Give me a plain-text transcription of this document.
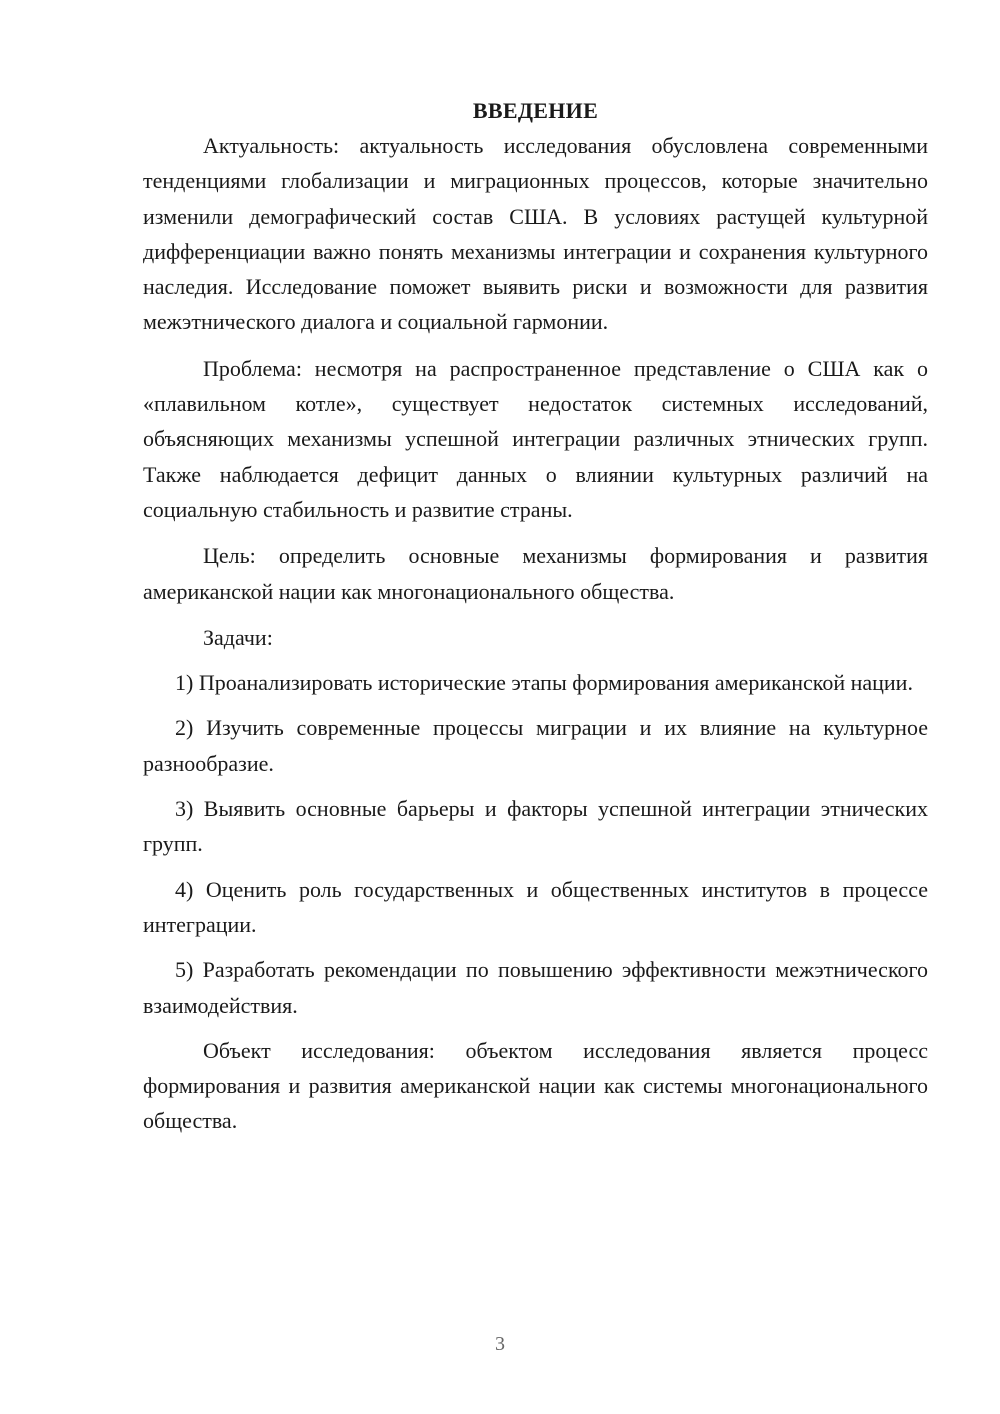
ВВЕДЕНИЕ

Актуальность: актуальность исследования обусловлена современными тенденциями глобализации и миграционных процессов, которые значительно изменили демографический состав США. В условиях растущей культурной дифференциации важно понять механизмы интеграции и сохранения культурного наследия. Исследование поможет выявить риски и возможности для развития межэтнического диалога и социальной гармонии.

Проблема: несмотря на распространенное представление о США как о «плавильном котле», существует недостаток системных исследований, объясняющих механизмы успешной интеграции различных этнических групп. Также наблюдается дефицит данных о влиянии культурных различий на социальную стабильность и развитие страны.

Цель: определить основные механизмы формирования и развития американской нации как многонационального общества.

Задачи:

1) Проанализировать исторические этапы формирования американской нации.

2) Изучить современные процессы миграции и их влияние на культурное разнообразие.

3) Выявить основные барьеры и факторы успешной интеграции этнических групп.

4) Оценить роль государственных и общественных институтов в процессе интеграции.

5) Разработать рекомендации по повышению эффективности межэтнического взаимодействия.

Объект исследования: объектом исследования является процесс формирования и развития американской нации как системы многонационального общества.

3
